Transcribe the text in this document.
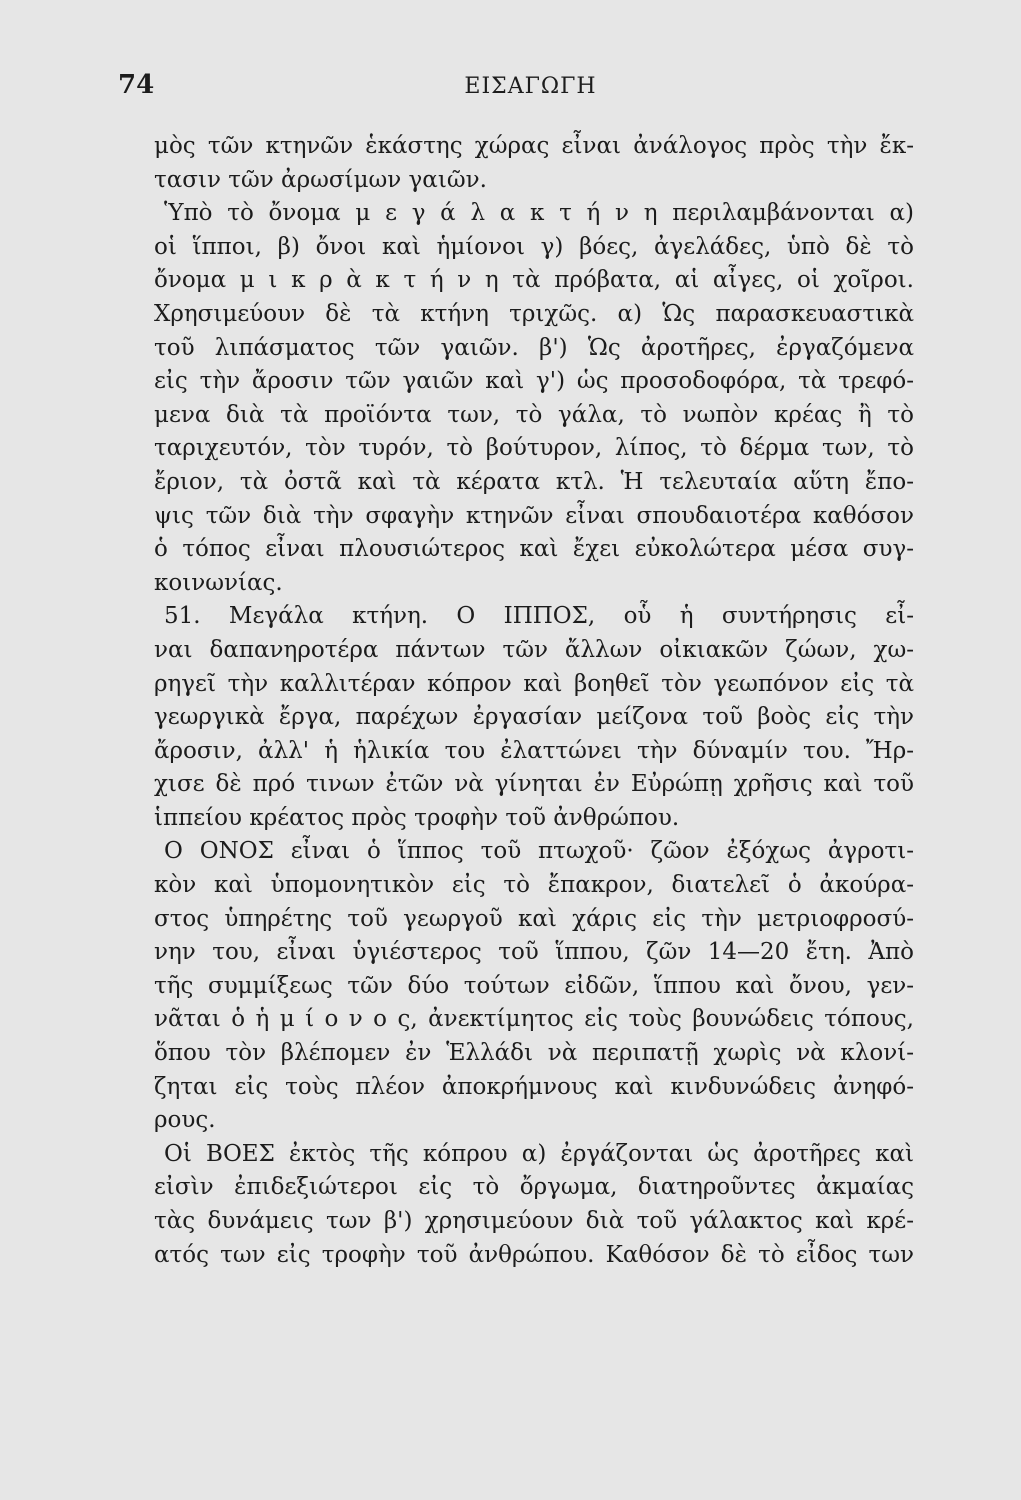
74	ΕΙΣΑΓΩΓΗ
μὸς τῶν κτηνῶν ἑκάστης χώρας εἶναι ἀνάλογος πρὸς τὴν ἔκ-
τασιν τῶν ἀρωσίμων γαιῶν.
Ὑπὸ τὸ ὄνομα μ ε γ ά λ α κ τ ή ν η περιλαμβάνονται α)
οἱ ἵπποι, β) ὄνοι καὶ ἡμίονοι γ) βόες, ἀγελάδες, ὑπὸ δὲ τὸ
ὄνομα μ ι κ ρ ὰ κ τ ή ν η τὰ πρόβατα, αἱ αἶγες, οἱ χοῖροι.
Χρησιμεύουν δὲ τὰ κτήνη τριχῶς. α) Ὡς παρασκευαστικὰ
τοῦ λιπάσματος τῶν γαιῶν. β') Ὡς ἀροτῆρες, ἐργαζόμενα
εἰς τὴν ἄροσιν τῶν γαιῶν καὶ γ') ὡς προσοδοφόρα, τὰ τρεφό-
μενα διὰ τὰ προϊόντα των, τὸ γάλα, τὸ νωπὸν κρέας ἢ τὸ
ταριχευτόν, τὸν τυρόν, τὸ βούτυρον, λίπος, τὸ δέρμα των, τὸ
ἔριον, τὰ ὀστᾶ καὶ τὰ κέρατα κτλ. Ἡ τελευταία αὕτη ἔπο-
ψις τῶν διὰ τὴν σφαγὴν κτηνῶν εἶναι σπουδαιοτέρα καθόσον
ὁ τόπος εἶναι πλουσιώτερος καὶ ἔχει εὐκολώτερα μέσα συγ-
κοινωνίας.
51. Μεγάλα κτήνη. Ο ΙΠΠΟΣ, οὗ ἡ συντήρησις εἶ-
ναι δαπανηροτέρα πάντων τῶν ἄλλων οἰκιακῶν ζώων, χω-
ρηγεῖ τὴν καλλιτέραν κόπρον καὶ βοηθεῖ τὸν γεωπόνον εἰς τὰ
γεωργικὰ ἔργα, παρέχων ἐργασίαν μείζονα τοῦ βοὸς εἰς τὴν
ἄροσιν, ἀλλ' ἡ ἡλικία του ἐλαττώνει τὴν δύναμίν του. Ἤρ-
χισε δὲ πρό τινων ἐτῶν νὰ γίνηται ἐν Εὐρώπῃ χρῆσις καὶ τοῦ
ἱππείου κρέατος πρὸς τροφὴν τοῦ ἀνθρώπου.
Ο ΟΝΟΣ εἶναι ὁ ἵππος τοῦ πτωχοῦ· ζῶον ἐξόχως ἀγροτι-
κὸν καὶ ὑπομονητικὸν εἰς τὸ ἔπακρον, διατελεῖ ὁ ἀκούρα-
στος ὑπηρέτης τοῦ γεωργοῦ καὶ χάρις εἰς τὴν μετριοφροσύ-
νην του, εἶναι ὑγιέστερος τοῦ ἵππου, ζῶν 14—20 ἔτη. Ἀπὸ
τῆς συμμίξεως τῶν δύο τούτων εἰδῶν, ἵππου καὶ ὄνου, γεν-
νᾶται ὁ ἡ μ ί ο ν ο ς, ἀνεκτίμητος εἰς τοὺς βουνώδεις τόπους,
ὅπου τὸν βλέπομεν ἐν Ἑλλάδι νὰ περιπατῇ χωρὶς νὰ κλονί-
ζηται εἰς τοὺς πλέον ἀποκρήμνους καὶ κινδυνώδεις ἀνηφό-
ρους.
Οἱ ΒΟΕΣ ἐκτὸς τῆς κόπρου α) ἐργάζονται ὡς ἀροτῆρες καὶ
εἰσὶν ἐπιδεξιώτεροι εἰς τὸ ὄργωμα, διατηροῦντες ἀκμαίας
τὰς δυνάμεις των β') χρησιμεύουν διὰ τοῦ γάλακτος καὶ κρέ-
ατός των εἰς τροφὴν τοῦ ἀνθρώπου. Καθόσον δὲ τὸ εἶδος των
